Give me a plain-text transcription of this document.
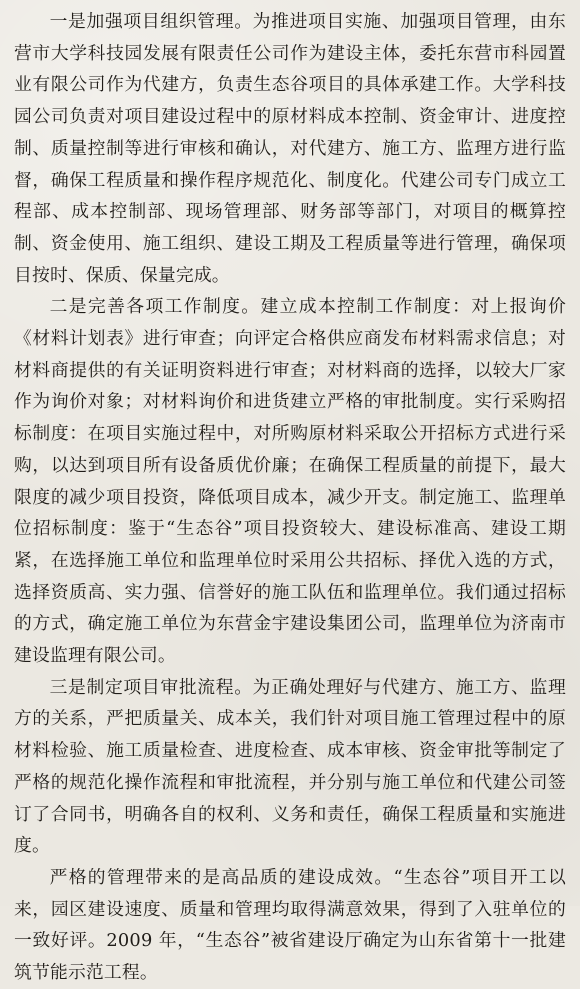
一是加强项目组织管理。为推进项目实施、加强项目管理，由东营市大学科技园发展有限责任公司作为建设主体，委托东营市科园置业有限公司作为代建方，负责生态谷项目的具体承建工作。大学科技园公司负责对项目建设过程中的原材料成本控制、资金审计、进度控制、质量控制等进行审核和确认，对代建方、施工方、监理方进行监督，确保工程质量和操作程序规范化、制度化。代建公司专门成立工程部、成本控制部、现场管理部、财务部等部门，对项目的概算控制、资金使用、施工组织、建设工期及工程质量等进行管理，确保项目按时、保质、保量完成。

二是完善各项工作制度。建立成本控制工作制度：对上报询价《材料计划表》进行审查；向评定合格供应商发布材料需求信息；对材料商提供的有关证明资料进行审查；对材料商的选择，以较大厂家作为询价对象；对材料询价和进货建立严格的审批制度。实行采购招标制度：在项目实施过程中，对所购原材料采取公开招标方式进行采购，以达到项目所有设备质优价廉；在确保工程质量的前提下，最大限度的减少项目投资，降低项目成本，减少开支。制定施工、监理单位招标制度：鉴于“生态谷”项目投资较大、建设标准高、建设工期紧，在选择施工单位和监理单位时采用公共招标、择优入选的方式，选择资质高、实力强、信誉好的施工队伍和监理单位。我们通过招标的方式，确定施工单位为东营金宇建设集团公司，监理单位为济南市建设监理有限公司。

三是制定项目审批流程。为正确处理好与代建方、施工方、监理方的关系，严把质量关、成本关，我们针对项目施工管理过程中的原材料检验、施工质量检查、进度检查、成本审核、资金审批等制定了严格的规范化操作流程和审批流程，并分别与施工单位和代建公司签订了合同书，明确各自的权利、义务和责任，确保工程质量和实施进度。

严格的管理带来的是高品质的建设成效。“生态谷”项目开工以来，园区建设速度、质量和管理均取得满意效果，得到了入驻单位的一致好评。2009 年，“生态谷”被省建设厅确定为山东省第十一批建筑节能示范工程。
